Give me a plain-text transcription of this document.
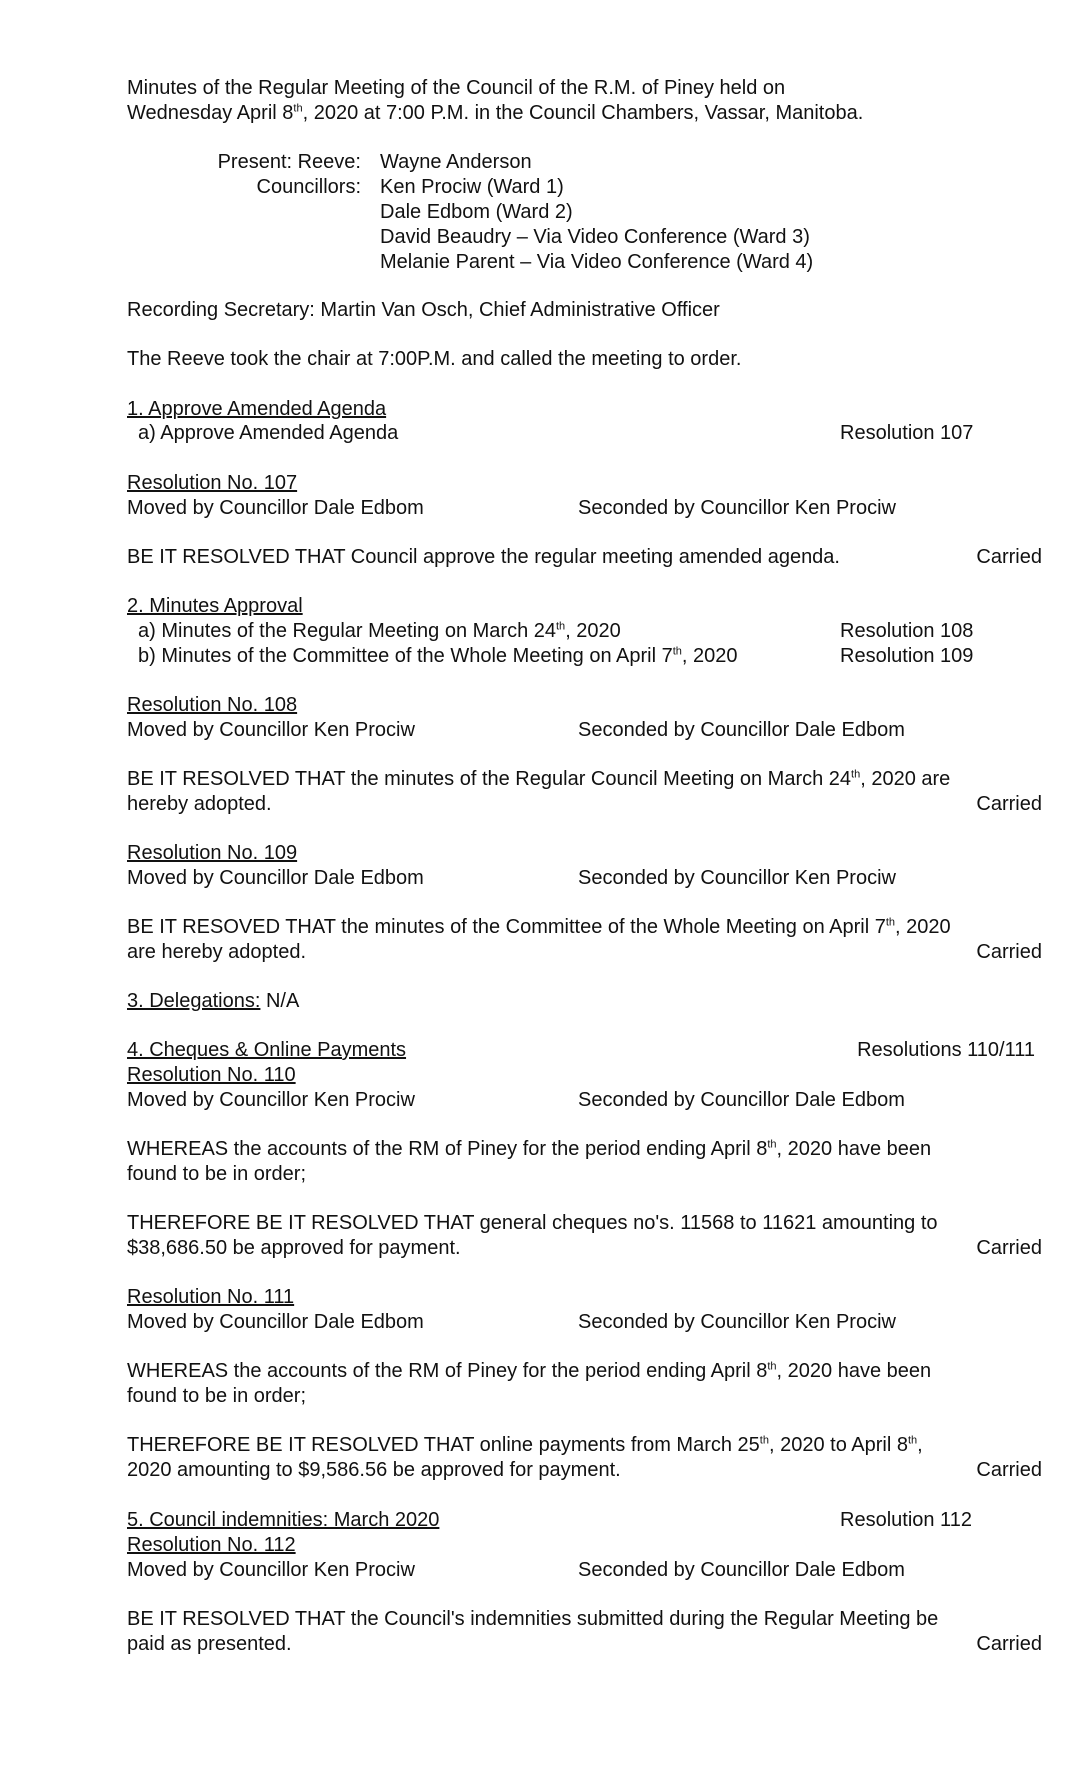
Minutes of the Regular Meeting of the Council of the R.M. of Piney held on
Wednesday April 8th, 2020 at 7:00 P.M. in the Council Chambers, Vassar, Manitoba.
Present: Reeve: Wayne Anderson
Councillors: Ken Prociw (Ward 1)
Dale Edbom (Ward 2)
David Beaudry – Via Video Conference (Ward 3)
Melanie Parent – Via Video Conference (Ward 4)
Recording Secretary: Martin Van Osch, Chief Administrative Officer
The Reeve took the chair at 7:00P.M. and called the meeting to order.
1. Approve Amended Agenda
a) Approve Amended Agenda	Resolution 107
Resolution No. 107
Moved by Councillor Dale Edbom	Seconded by Councillor Ken Prociw
BE IT RESOLVED THAT Council approve the regular meeting amended agenda.	Carried
2. Minutes Approval
a) Minutes of the Regular Meeting on March 24th, 2020	Resolution 108
b) Minutes of the Committee of the Whole Meeting on April 7th, 2020	Resolution 109
Resolution No. 108
Moved by Councillor Ken Prociw	Seconded by Councillor Dale Edbom
BE IT RESOLVED THAT the minutes of the Regular Council Meeting on March 24th, 2020 are
hereby adopted.	Carried
Resolution No. 109
Moved by Councillor Dale Edbom	Seconded by Councillor Ken Prociw
BE IT RESOVED THAT the minutes of the Committee of the Whole Meeting on April 7th, 2020
are hereby adopted.	Carried
3. Delegations: N/A
4. Cheques & Online Payments	Resolutions 110/111
Resolution No. 110
Moved by Councillor Ken Prociw	Seconded by Councillor Dale Edbom
WHEREAS the accounts of the RM of Piney for the period ending April 8th, 2020 have been
found to be in order;
THEREFORE BE IT RESOLVED THAT general cheques no's. 11568 to 11621 amounting to
$38,686.50 be approved for payment.	Carried
Resolution No. 111
Moved by Councillor Dale Edbom	Seconded by Councillor Ken Prociw
WHEREAS the accounts of the RM of Piney for the period ending April 8th, 2020 have been
found to be in order;
THEREFORE BE IT RESOLVED THAT online payments from March 25th, 2020 to April 8th,
2020 amounting to $9,586.56 be approved for payment.	Carried
5. Council indemnities: March 2020	Resolution 112
Resolution No. 112
Moved by Councillor Ken Prociw	Seconded by Councillor Dale Edbom
BE IT RESOLVED THAT the Council's indemnities submitted during the Regular Meeting be
paid as presented.	Carried
